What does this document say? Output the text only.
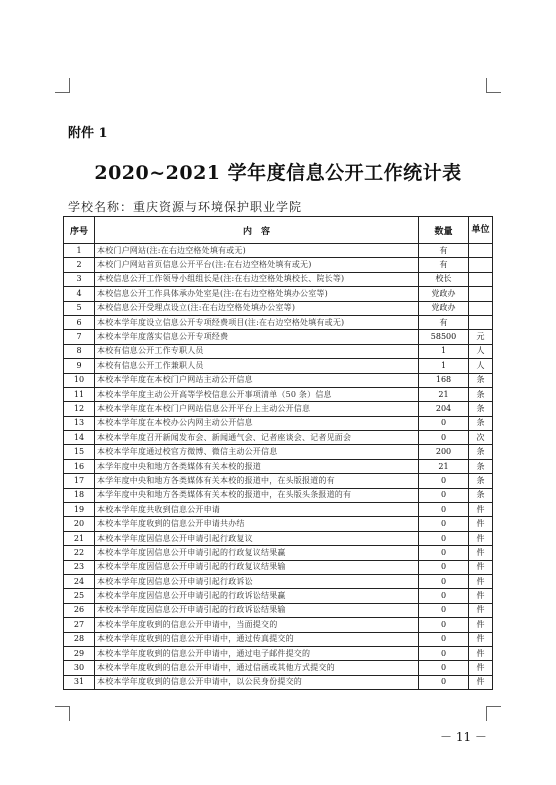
附件 1
2020~2021 学年度信息公开工作统计表
学校名称：重庆资源与环境保护职业学院
序号	内　容	数量	单位
1	本校门户网站(注:在右边空格处填有或无)	有	
2	本校门户网站首页信息公开平台(注:在右边空格处填有或无)	有	
3	本校信息公开工作领导小组组长是(注:在右边空格处填校长、院长等)	校长	
4	本校信息公开工作具体承办处室是(注:在右边空格处填办公室等)	党政办	
5	本校信息公开受理点设立(注:在右边空格处填办公室等)	党政办	
6	本校本学年度设立信息公开专项经费项目(注:在右边空格处填有或无)	有	
7	本校本学年度落实信息公开专项经费	58500	元
8	本校有信息公开工作专职人员	1	人
9	本校有信息公开工作兼职人员	1	人
10	本校本学年度在本校门户网站主动公开信息	168	条
11	本校本学年度主动公开高等学校信息公开事项清单（50 条）信息	21	条
12	本校本学年度在本校门户网站信息公开平台上主动公开信息	204	条
13	本校本学年度在本校办公内网主动公开信息	0	条
14	本校本学年度召开新闻发布会、新闻通气会、记者座谈会、记者见面会	0	次
15	本校本学年度通过校官方微博、微信主动公开信息	200	条
16	本学年度中央和地方各类媒体有关本校的报道	21	条
17	本学年度中央和地方各类媒体有关本校的报道中，在头版报道的有	0	条
18	本学年度中央和地方各类媒体有关本校的报道中，在头版头条报道的有	0	条
19	本校本学年度共收到信息公开申请	0	件
20	本校本学年度收到的信息公开申请共办结	0	件
21	本校本学年度因信息公开申请引起行政复议	0	件
22	本校本学年度因信息公开申请引起的行政复议结果赢	0	件
23	本校本学年度因信息公开申请引起的行政复议结果输	0	件
24	本校本学年度因信息公开申请引起行政诉讼	0	件
25	本校本学年度因信息公开申请引起的行政诉讼结果赢	0	件
26	本校本学年度因信息公开申请引起的行政诉讼结果输	0	件
27	本校本学年度收到的信息公开申请中，当面提交的	0	件
28	本校本学年度收到的信息公开申请中，通过传真提交的	0	件
29	本校本学年度收到的信息公开申请中，通过电子邮件提交的	0	件
30	本校本学年度收到的信息公开申请中，通过信函或其他方式提交的	0	件
31	本校本学年度收到的信息公开申请中，以公民身份提交的	0	件
－ 11 －
